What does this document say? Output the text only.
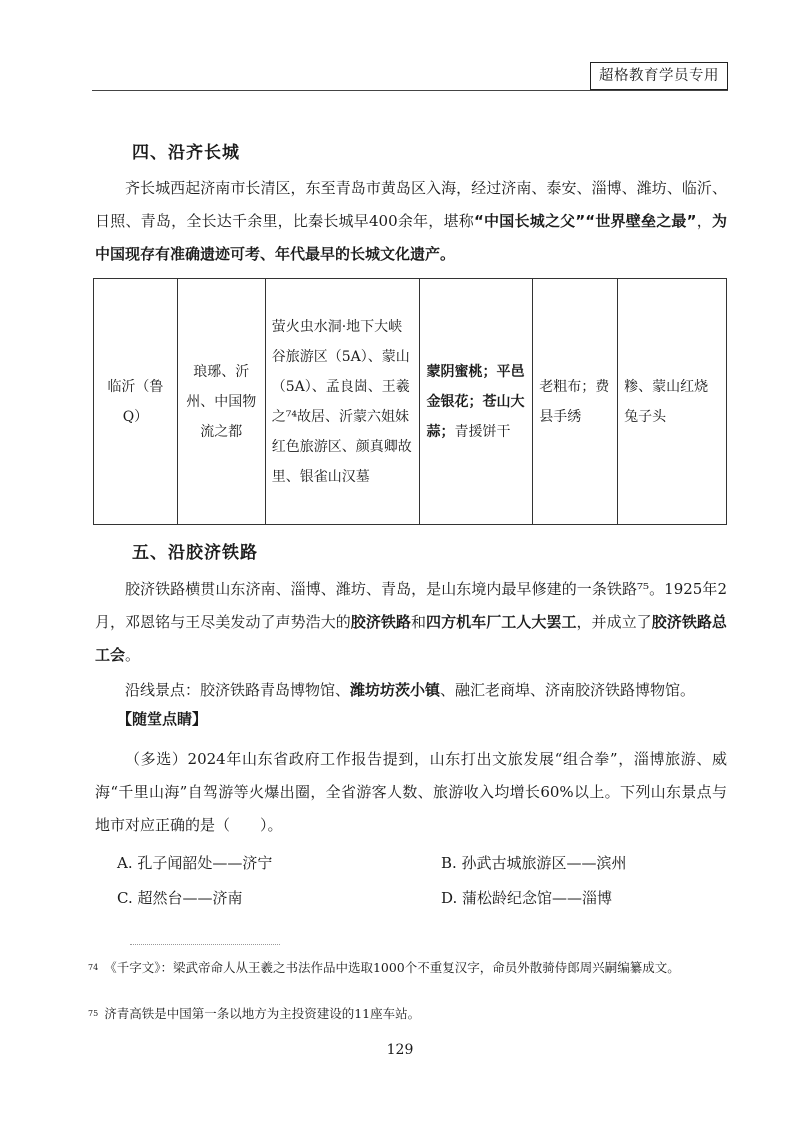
超格教育学员专用
四、沿齐长城
齐长城西起济南市长清区，东至青岛市黄岛区入海，经过济南、泰安、淄博、潍坊、临沂、日照、青岛，全长达千余里，比秦长城早400余年，堪称“中国长城之父”“世界壁垒之最”，为中国现存有准确遗迹可考、年代最早的长城文化遗产。
临沂（鲁Q）	琅琊、沂州、中国物流之都	萤火虫水洞·地下大峡谷旅游区（5A）、蒙山（5A）、孟良崮、王羲之⁷⁴故居、沂蒙六姐妹红色旅游区、颜真卿故里、银雀山汉墓	蒙阴蜜桃；平邑金银花；苍山大蒜；青援饼干	老粗布；费县手绣	糁、蒙山红烧兔子头
五、沿胶济铁路
胶济铁路横贯山东济南、淄博、潍坊、青岛，是山东境内最早修建的一条铁路⁷⁵。1925年2月，邓恩铭与王尽美发动了声势浩大的胶济铁路和四方机车厂工人大罢工，并成立了胶济铁路总工会。
沿线景点：胶济铁路青岛博物馆、潍坊坊茨小镇、融汇老商埠、济南胶济铁路博物馆。
【随堂点睛】
（多选）2024年山东省政府工作报告提到，山东打出文旅发展“组合拳”，淄博旅游、威海“千里山海”自驾游等火爆出圈，全省游客人数、旅游收入均增长60%以上。下列山东景点与地市对应正确的是（　　）。
A. 孔子闻韶处——济宁	B. 孙武古城旅游区——滨州
C. 超然台——济南	D. 蒲松龄纪念馆——淄博
$^{74}$ 《千字文》：梁武帝命人从王羲之书法作品中选取1000个不重复汉字，命员外散骑侍郎周兴嗣编纂成文。
$^{75}$ 济青高铁是中国第一条以地方为主投资建设的11座车站。
129
